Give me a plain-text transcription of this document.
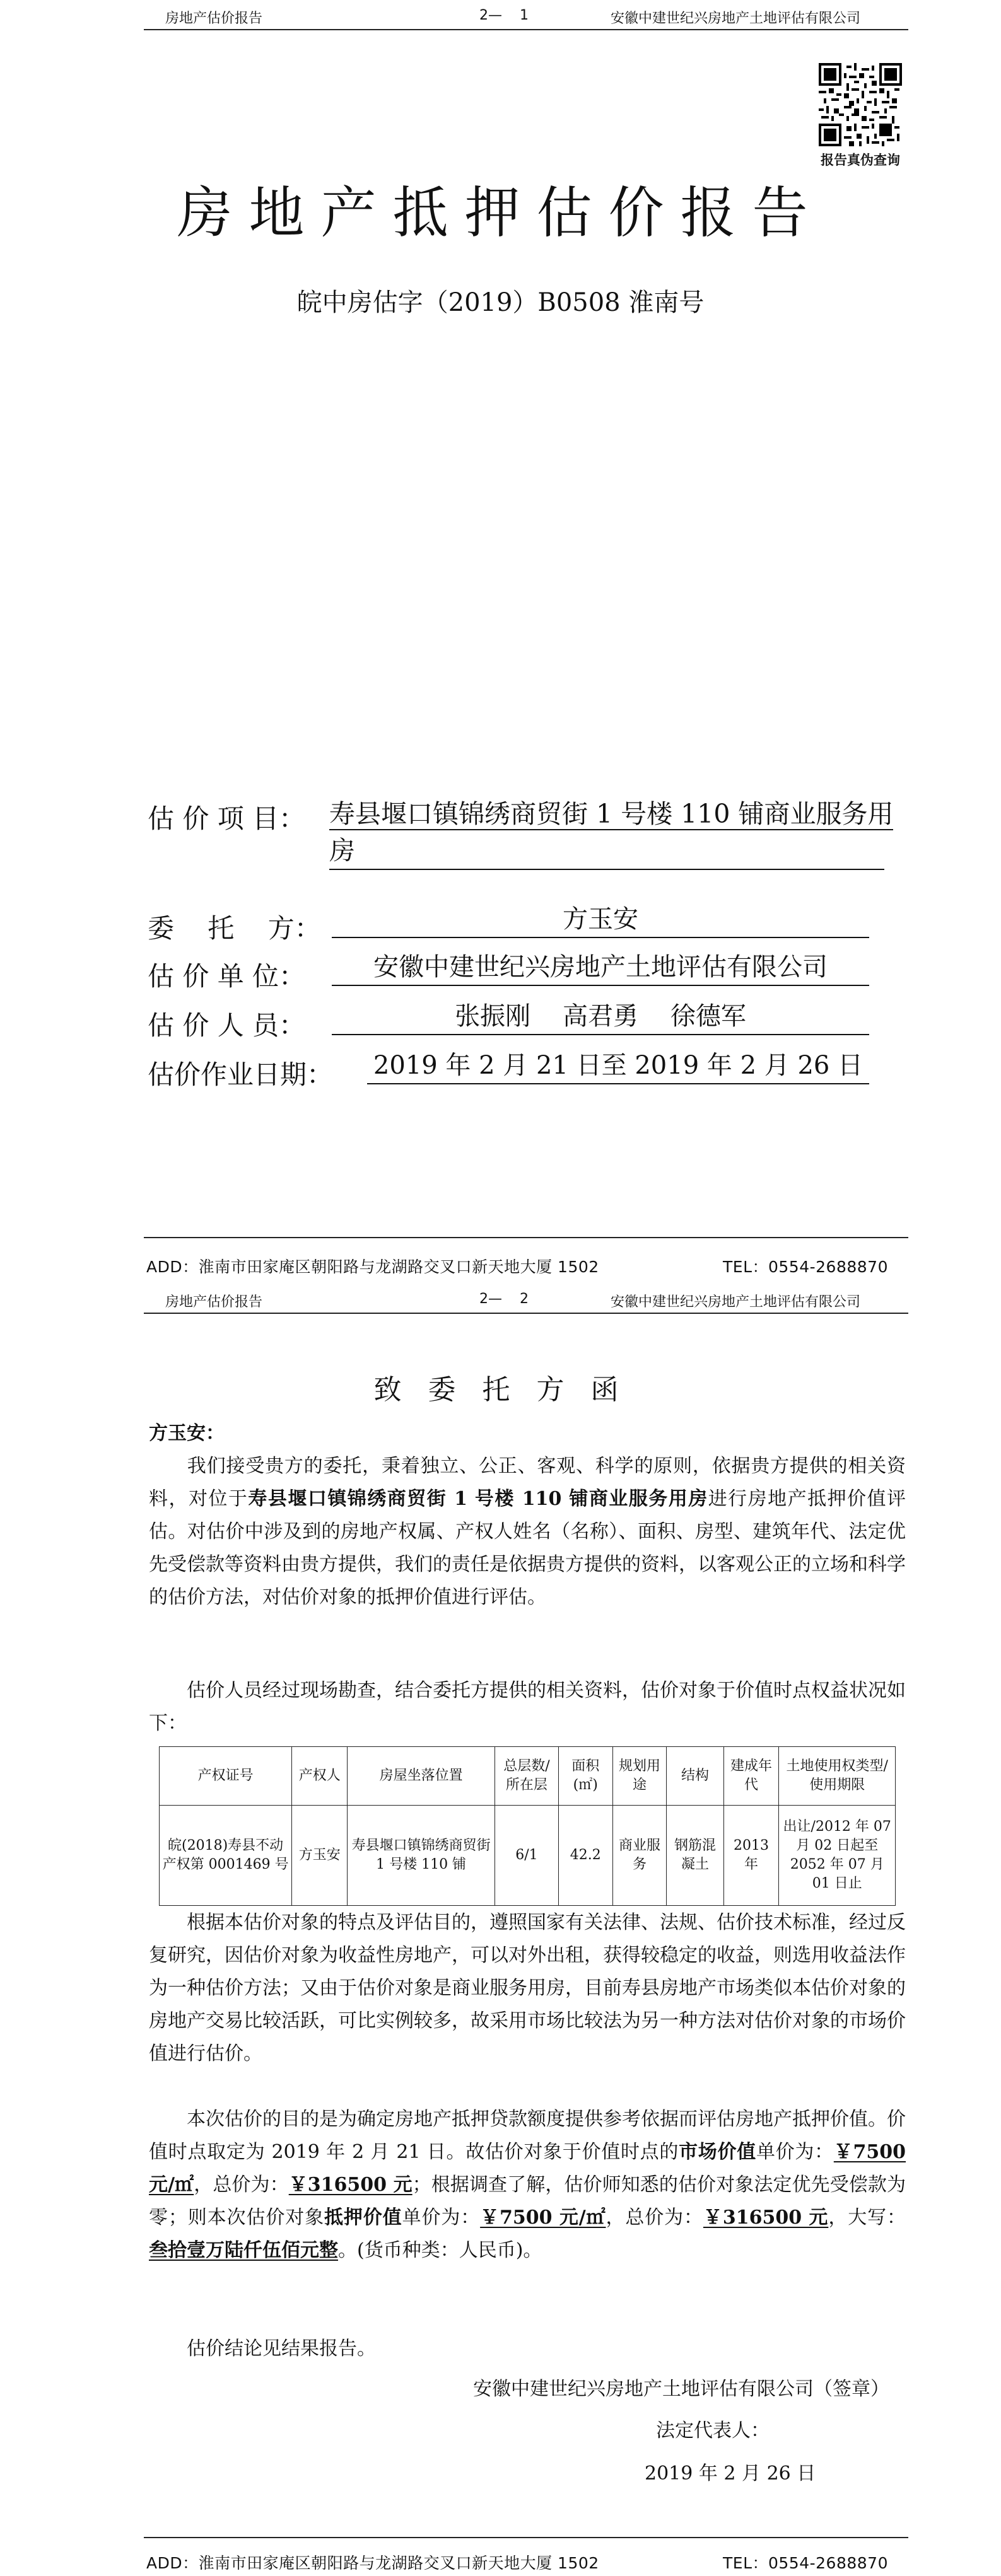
房地产估价报告	2— 1	安徽中建世纪兴房地产土地评估有限公司
报告真伪查询
房地产抵押估价报告
皖中房估字（2019）B0508 淮南号
估 价 项 目： 寿县堰口镇锦绣商贸街 1 号楼 110 铺商业服务用
房
委    托    方：	方玉安
估 价 单 位：	安徽中建世纪兴房地产土地评估有限公司
估 价 人 员：	张振刚    高君勇    徐德军
估价作业日期： 2019 年 2 月 21 日至 2019 年 2 月 26 日
ADD：淮南市田家庵区朝阳路与龙湖路交叉口新天地大厦 1502	TEL：0554-2688870
房地产估价报告	2— 2	安徽中建世纪兴房地产土地评估有限公司
致 委 托 方 函
方玉安：

我们接受贵方的委托，秉着独立、公正、客观、科学的原则，依据贵方提供的相关资料，对位于寿县堰口镇锦绣商贸街 1 号楼 110 铺商业服务用房进行房地产抵押价值评估。对估价中涉及到的房地产权属、产权人姓名（名称）、面积、房型、建筑年代、法定优先受偿款等资料由贵方提供，我们的责任是依据贵方提供的资料，以客观公正的立场和科学的估价方法，对估价对象的抵押价值进行评估。

估价人员经过现场勘查，结合委托方提供的相关资料，估价对象于价值时点权益状况如下：

产权证号	产权人	房屋坐落位置	总层数/所在层	面积(㎡)	规划用途	结构	建成年代	土地使用权类型/使用期限
皖(2018)寿县不动产权第 0001469 号	方玉安	寿县堰口镇锦绣商贸街 1 号楼 110 铺	6/1	42.2	商业服务	钢筋混凝土	2013 年	出让/2012 年 07 月 02 日起至 2052 年 07 月 01 日止

根据本估价对象的特点及评估目的，遵照国家有关法律、法规、估价技术标准，经过反复研究，因估价对象为收益性房地产，可以对外出租，获得较稳定的收益，则选用收益法作为一种估价方法；又由于估价对象是商业服务用房，目前寿县房地产市场类似本估价对象的房地产交易比较活跃，可比实例较多，故采用市场比较法为另一种方法对估价对象的市场价值进行估价。

本次估价的目的是为确定房地产抵押贷款额度提供参考依据而评估房地产抵押价值。价值时点取定为 2019 年 2 月 21 日。故估价对象于价值时点的市场价值单价为：￥7500 元/㎡，总价为：￥316500 元；根据调查了解，估价师知悉的估价对象法定优先受偿款为零；则本次估价对象抵押价值单价为：￥7500 元/㎡，总价为：￥316500 元，大写：叁拾壹万陆仟伍佰元整。(货币种类：人民币)。

估价结论见结果报告。

安徽中建世纪兴房地产土地评估有限公司（签章）
法定代表人：
2019 年 2 月 26 日
ADD：淮南市田家庵区朝阳路与龙湖路交叉口新天地大厦 1502	TEL：0554-2688870
